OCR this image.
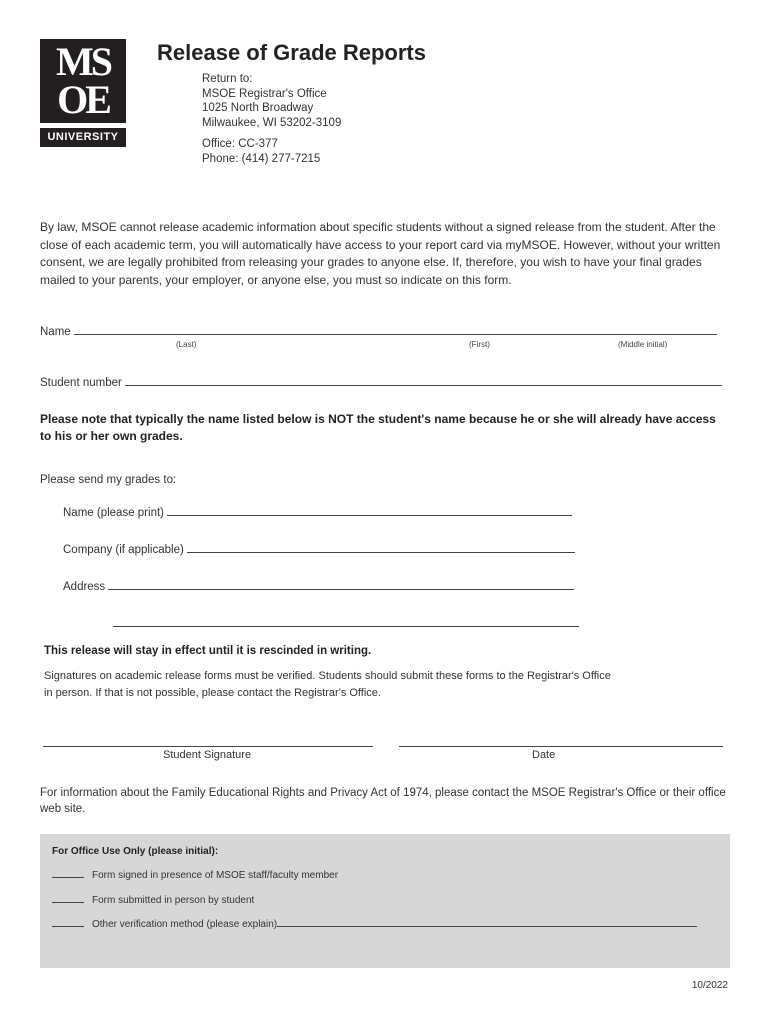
MS
OE
UNIVERSITY
Release of Grade Reports
Return to:
MSOE Registrar's Office
1025 North Broadway
Milwaukee, WI 53202-3109
Office: CC-377
Phone: (414) 277-7215
By law, MSOE cannot release academic information about specific students without a signed release from the student. After the close of each academic term, you will automatically have access to your report card via myMSOE. However, without your written consent, we are legally prohibited from releasing your grades to anyone else. If, therefore, you wish to have your final grades mailed to your parents, your employer, or anyone else, you must so indicate on this form.
Name
(Last)	(First)	(Middle initial)
Student number
Please note that typically the name listed below is NOT the student's name because he or she will already have access to his or her own grades.
Please send my grades to:
Name (please print)
Company (if applicable)
Address
This release will stay in effect until it is rescinded in writing.
Signatures on academic release forms must be verified. Students should submit these forms to the Registrar's Office
in person. If that is not possible, please contact the Registrar's Office.
Student Signature	Date
For information about the Family Educational Rights and Privacy Act of 1974, please contact the MSOE Registrar's Office or their office web site.
For Office Use Only (please initial):
Form signed in presence of MSOE staff/faculty member
Form submitted in person by student
Other verification method (please explain)
10/2022
